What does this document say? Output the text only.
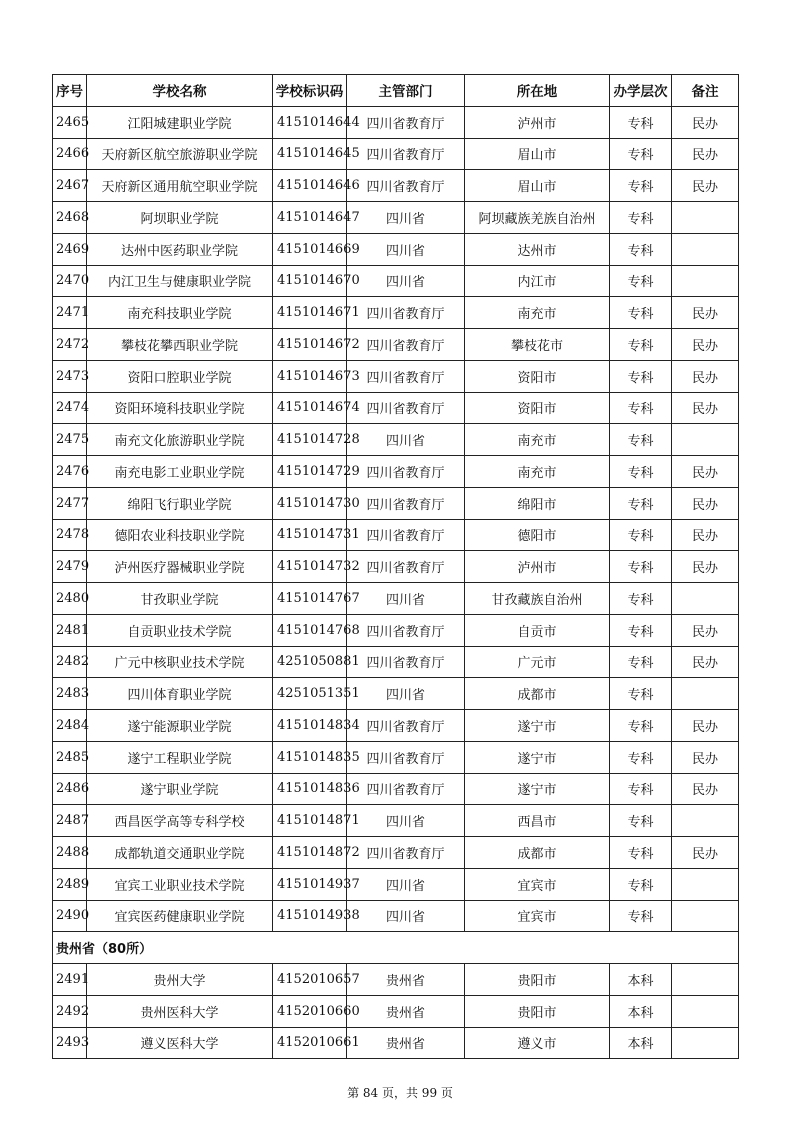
序号	学校名称	学校标识码	主管部门	所在地	办学层次	备注
2465	江阳城建职业学院	4151014644	四川省教育厅	泸州市	专科	民办
2466	天府新区航空旅游职业学院	4151014645	四川省教育厅	眉山市	专科	民办
2467	天府新区通用航空职业学院	4151014646	四川省教育厅	眉山市	专科	民办
2468	阿坝职业学院	4151014647	四川省	阿坝藏族羌族自治州	专科	
2469	达州中医药职业学院	4151014669	四川省	达州市	专科	
2470	内江卫生与健康职业学院	4151014670	四川省	内江市	专科	
2471	南充科技职业学院	4151014671	四川省教育厅	南充市	专科	民办
2472	攀枝花攀西职业学院	4151014672	四川省教育厅	攀枝花市	专科	民办
2473	资阳口腔职业学院	4151014673	四川省教育厅	资阳市	专科	民办
2474	资阳环境科技职业学院	4151014674	四川省教育厅	资阳市	专科	民办
2475	南充文化旅游职业学院	4151014728	四川省	南充市	专科	
2476	南充电影工业职业学院	4151014729	四川省教育厅	南充市	专科	民办
2477	绵阳飞行职业学院	4151014730	四川省教育厅	绵阳市	专科	民办
2478	德阳农业科技职业学院	4151014731	四川省教育厅	德阳市	专科	民办
2479	泸州医疗器械职业学院	4151014732	四川省教育厅	泸州市	专科	民办
2480	甘孜职业学院	4151014767	四川省	甘孜藏族自治州	专科	
2481	自贡职业技术学院	4151014768	四川省教育厅	自贡市	专科	民办
2482	广元中核职业技术学院	4251050881	四川省教育厅	广元市	专科	民办
2483	四川体育职业学院	4251051351	四川省	成都市	专科	
2484	遂宁能源职业学院	4151014834	四川省教育厅	遂宁市	专科	民办
2485	遂宁工程职业学院	4151014835	四川省教育厅	遂宁市	专科	民办
2486	遂宁职业学院	4151014836	四川省教育厅	遂宁市	专科	民办
2487	西昌医学高等专科学校	4151014871	四川省	西昌市	专科	
2488	成都轨道交通职业学院	4151014872	四川省教育厅	成都市	专科	民办
2489	宜宾工业职业技术学院	4151014937	四川省	宜宾市	专科	
2490	宜宾医药健康职业学院	4151014938	四川省	宜宾市	专科	
贵州省（80所）						
2491	贵州大学	4152010657	贵州省	贵阳市	本科	
2492	贵州医科大学	4152010660	贵州省	贵阳市	本科	
2493	遵义医科大学	4152010661	贵州省	遵义市	本科	
第 84 页，共 99 页
